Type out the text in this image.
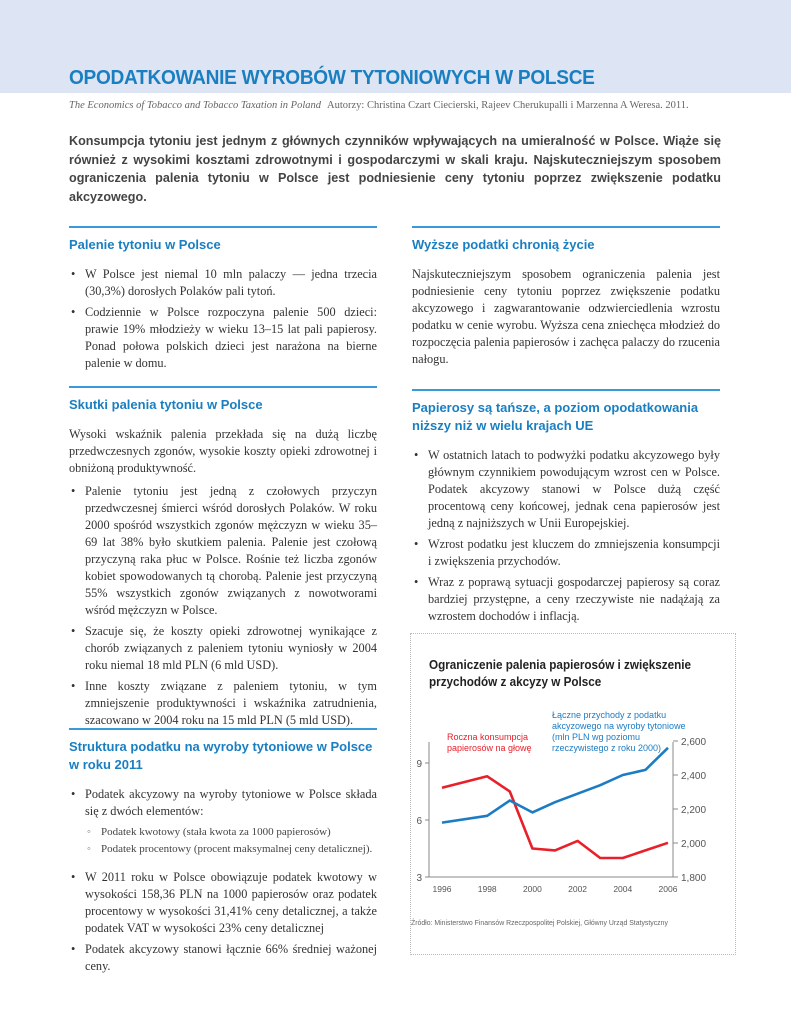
OPODATKOWANIE WYROBÓW TYTONIOWYCH W POLSCE
The Economics of Tobacco and Tobacco Taxation in Poland Autorzy: Christina Czart Ciecierski, Rajeev Cherukupalli i Marzenna A Weresa. 2011.
Konsumpcja tytoniu jest jednym z głównych czynników wpływających na umieralność w Polsce. Wiąże się również z wysokimi kosztami zdrowotnymi i gospodarczymi w skali kraju. Najskuteczniejszym sposobem ograniczenia palenia tytoniu w Polsce jest podniesienie ceny tytoniu poprzez zwiększenie podatku akcyzowego.
Palenie tytoniu w Polsce
• W Polsce jest niemal 10 mln palaczy — jedna trzecia (30,3%) dorosłych Polaków pali tytoń.
• Codziennie w Polsce rozpoczyna palenie 500 dzieci: prawie 19% młodzieży w wieku 13–15 lat pali papierosy. Ponad połowa polskich dzieci jest narażona na bierne palenie w domu.
Skutki palenia tytoniu w Polsce

Wysoki wskaźnik palenia przekłada się na dużą liczbę przedwczesnych zgonów, wysokie koszty opieki zdrowotnej i obniżoną produktywność.

• Palenie tytoniu jest jedną z czołowych przyczyn przedwczesnej śmierci wśród dorosłych Polaków. W roku 2000 spośród wszystkich zgonów mężczyzn w wieku 35–69 lat 38% było skutkiem palenia. Palenie jest czołową przyczyną raka płuc w Polsce. Rośnie też liczba zgonów kobiet spowodowanych tą chorobą. Palenie jest przyczyną 55% wszystkich zgonów związanych z nowotworami wśród mężczyzn w Polsce.
• Szacuje się, że koszty opieki zdrowotnej wynikające z chorób związanych z paleniem tytoniu wyniosły w 2004 roku niemal 18 mld PLN (6 mld USD).
• Inne koszty związane z paleniem tytoniu, w tym zmniejszenie produktywności i wskaźnika zatrudnienia, szacowano w 2004 roku na 15 mld PLN (5 mld USD).
Struktura podatku na wyroby tytoniowe w Polsce w roku 2011
• Podatek akcyzowy na wyroby tytoniowe w Polsce składa się z dwóch elementów:
◦ Podatek kwotowy (stała kwota za 1000 papierosów)
◦ Podatek procentowy (procent maksymalnej ceny detalicznej).
• W 2011 roku w Polsce obowiązuje podatek kwotowy w wysokości 158,36 PLN na 1000 papierosów oraz podatek procentowy w wysokości 31,41% ceny detalicznej, a także podatek VAT w wysokości 23% ceny detalicznej
• Podatek akcyzowy stanowi łącznie 66% średniej ważonej ceny.
Wyższe podatki chronią życie

Najskuteczniejszym sposobem ograniczenia palenia jest podniesienie ceny tytoniu poprzez zwiększenie podatku akcyzowego i zagwarantowanie odzwierciedlenia wzrostu podatku w cenie wyrobu. Wyższa cena zniechęca młodzież do rozpoczęcia palenia papierosów i zachęca palaczy do rzucenia nałogu.

Papierosy są tańsze, a poziom opodatkowania niższy niż w wielu krajach UE
• W ostatnich latach to podwyżki podatku akcyzowego były głównym czynnikiem powodującym wzrost cen w Polsce. Podatek akcyzowy stanowi w Polsce dużą część procentową ceny końcowej, jednak cena papierosów jest jedną z najniższych w Unii Europejskiej.
• Wzrost podatku jest kluczem do zmniejszenia konsumpcji i zwiększenia przychodów.
• Wraz z poprawą sytuacji gospodarczej papierosy są coraz bardziej przystępne, a ceny rzeczywiste nie nadążają za wzrostem dochodów i inflacją.
Ograniczenie palenia papierosów i zwiększenie przychodów z akcyzy w Polsce
3
6
9
1,800
2,000
2,200
2,400
2,600
1996	1998	2000	2002	2004	2006
Roczna konsumpcja
papierosów na głowę
Łączne przychody z podatku
akcyzowego na wyroby tytoniowe
(mln PLN wg poziomu
rzeczywistego z roku 2000)
Źródło: Ministerstwo Finansów Rzeczpospolitej Polskiej, Główny Urząd Statystyczny
